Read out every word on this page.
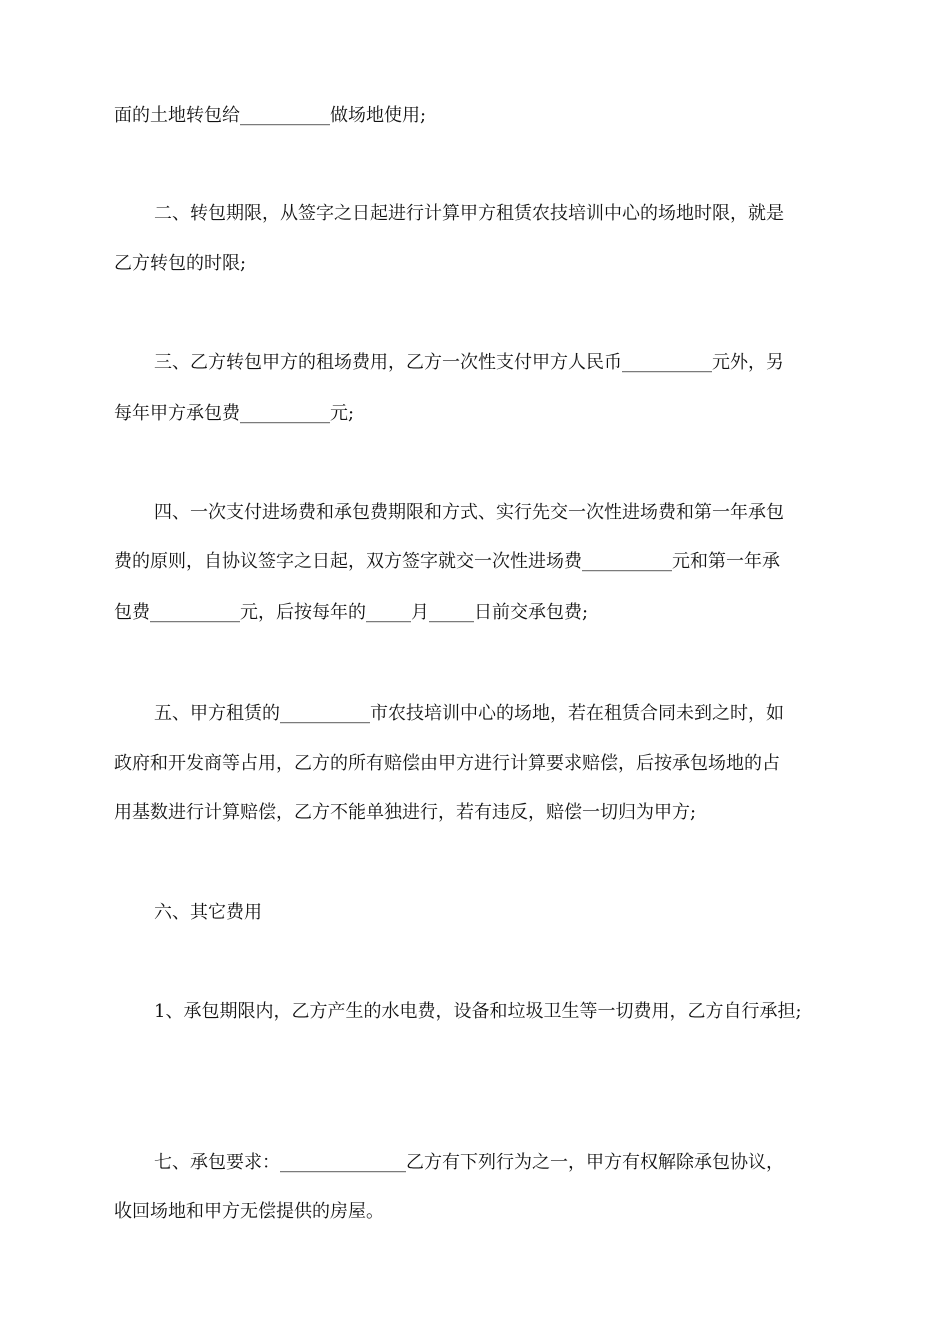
面的土地转包给__________做场地使用;
二、转包期限，从签字之日起进行计算甲方租赁农技培训中心的场地时限，就是
乙方转包的时限;
三、乙方转包甲方的租场费用，乙方一次性支付甲方人民币__________元外，另
每年甲方承包费__________元;
四、一次支付进场费和承包费期限和方式、实行先交一次性进场费和第一年承包
费的原则，自协议签字之日起，双方签字就交一次性进场费__________元和第一年承
包费__________元，后按每年的_____月_____日前交承包费;
五、甲方租赁的__________市农技培训中心的场地，若在租赁合同未到之时，如
政府和开发商等占用，乙方的所有赔偿由甲方进行计算要求赔偿，后按承包场地的占
用基数进行计算赔偿，乙方不能单独进行，若有违反，赔偿一切归为甲方;
六、其它费用
1、承包期限内，乙方产生的水电费，设备和垃圾卫生等一切费用，乙方自行承担;
七、承包要求：______________乙方有下列行为之一，甲方有权解除承包协议，
收回场地和甲方无偿提供的房屋。
